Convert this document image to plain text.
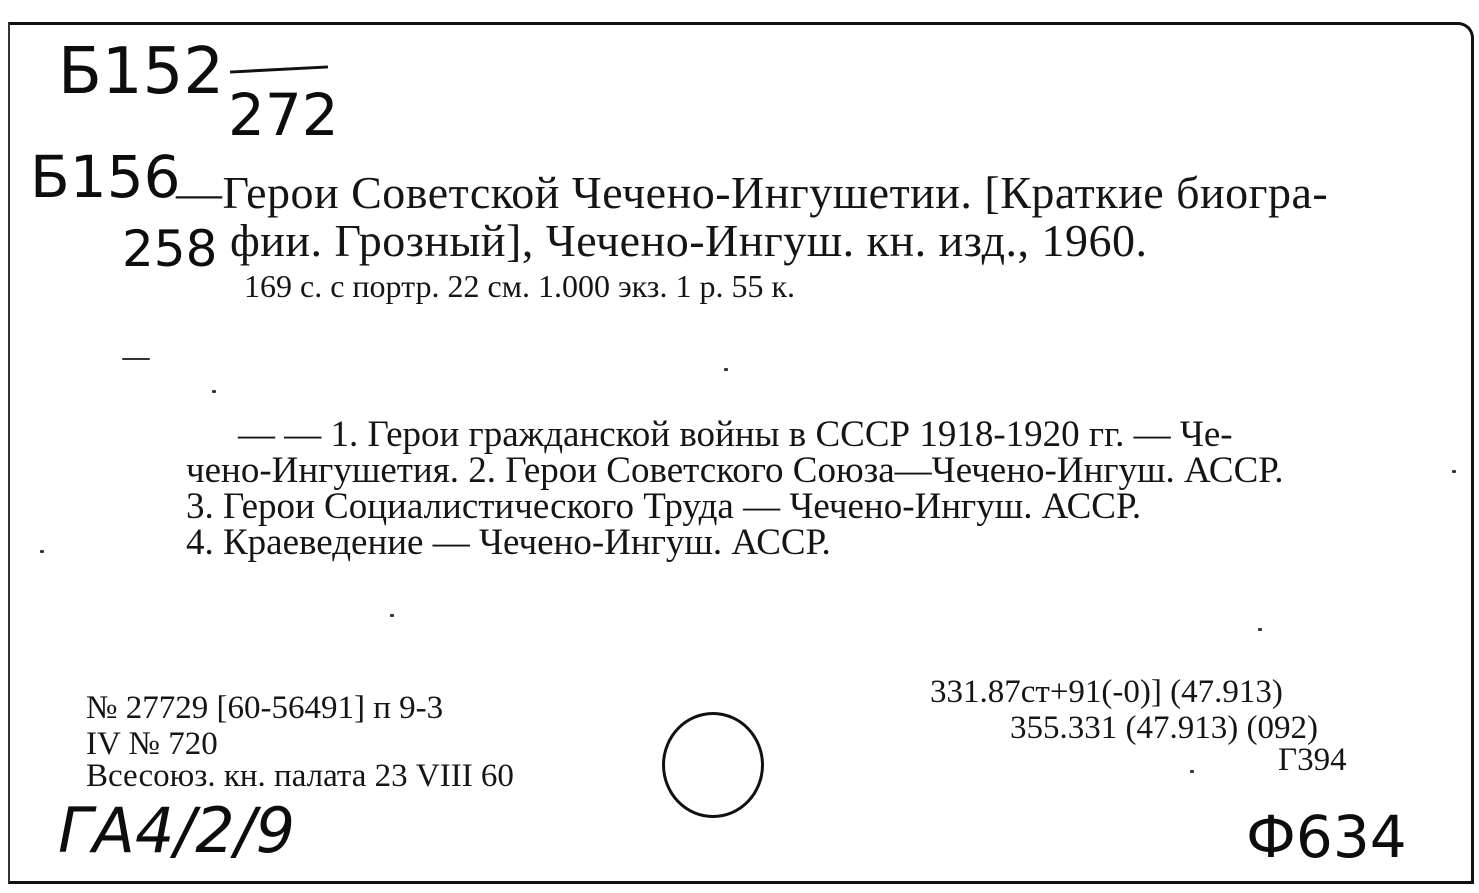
Б152
272
Б156
258
—Герои Советской Чечено-Ингушетии. [Краткие биогра-
фии. Грозный], Чечено-Ингуш. кн. изд., 1960.
169 с. с портр. 22 см. 1.000 экз. 1 р. 55 к.
— — 1. Герои гражданской войны в СССР 1918-1920 гг. — Че-
чено-Ингушетия. 2. Герои Советского Союза—Чечено-Ингуш. АССР.
3. Герои Социалистического Труда — Чечено-Ингуш. АССР.
4. Краеведение — Чечено-Ингуш. АССР.
№ 27729 [60-56491] п 9-3
IV № 720
Всесоюз. кн. палата 23 VIII 60
331.87ст+91(-0)] (47.913)
355.331 (47.913) (092)
Г394
ГА4/2/9	Ф634
